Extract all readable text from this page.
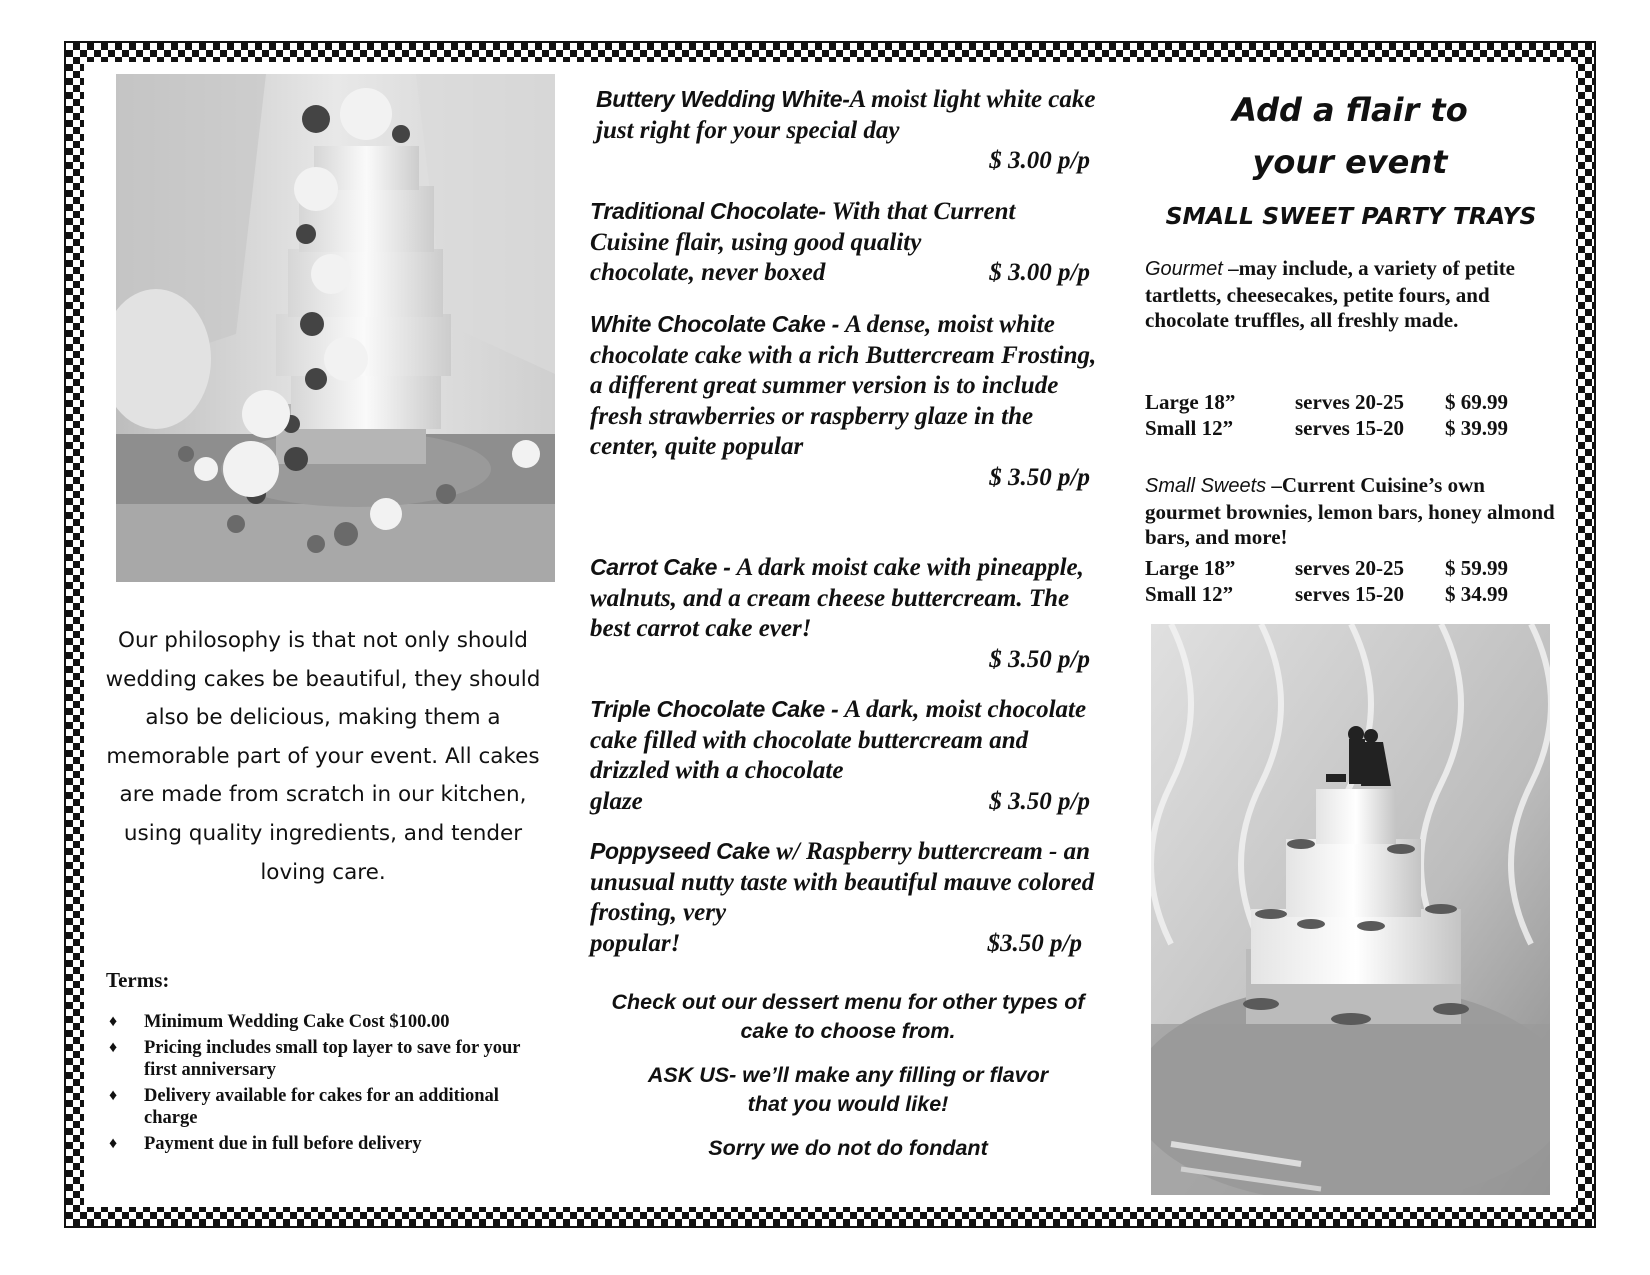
Our philosophy is that not only should wedding cakes be beautiful, they should also be delicious, making them a memorable part of your event. All cakes are made from scratch in our kitchen, using quality ingredients, and tender loving care.
Terms:
♦ Minimum Wedding Cake Cost $100.00
♦ Pricing includes small top layer to save for your first anniversary
♦ Delivery available for cakes for an additional charge
♦ Payment due in full before delivery
Buttery Wedding White-A moist light white cake just right for your special day
$ 3.00 p/p
Traditional Chocolate- With that Current Cuisine flair, using good quality
chocolate, never boxed	$ 3.00 p/p
White Chocolate Cake - A dense, moist white chocolate cake with a rich Buttercream Frosting, a different great summer version is to include fresh strawberries or raspberry glaze in the center, quite popular
$ 3.50 p/p
Carrot Cake - A dark moist cake with pineapple, walnuts, and a cream cheese buttercream. The best carrot cake ever!
$ 3.50 p/p
Triple Chocolate Cake - A dark, moist chocolate cake filled with chocolate buttercream and drizzled with a chocolate
glaze	$ 3.50 p/p
Poppyseed Cake w/ Raspberry buttercream - an unusual nutty taste with beautiful mauve colored frosting, very
popular!	$3.50 p/p
Check out our dessert menu for other types of cake to choose from.
ASK US- we’ll make any filling or flavor that you would like!
Sorry we do not do fondant
Add a flair to
your event
SMALL SWEET PARTY TRAYS
Gourmet –may include, a variety of petite tartletts, cheesecakes, petite fours, and chocolate truffles, all freshly made.
Large 18”	serves 20-25 $ 69.99
Small 12”	serves 15-20 $ 39.99
Small Sweets –Current Cuisine’s own gourmet brownies, lemon bars, honey almond bars, and more!
Large 18”	serves 20-25 $ 59.99
Small 12”	serves 15-20 $ 34.99
